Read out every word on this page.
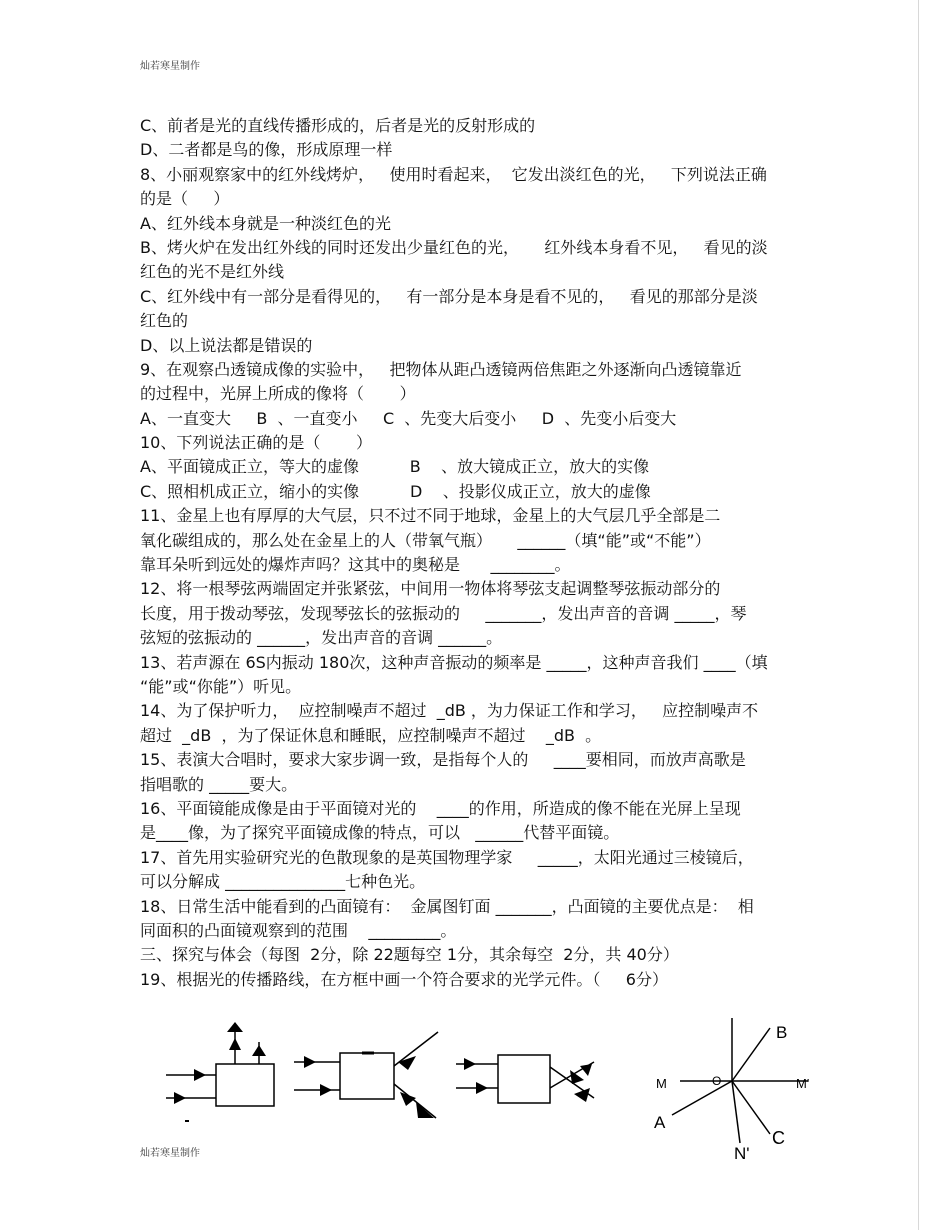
灿若寒星制作
C、前者是光的直线传播形成的，后者是光的反射形成的
D、二者都是鸟的像，形成原理一样
8、小丽观察家中的红外线烤炉，   使用时看起来，  它发出淡红色的光，   下列说法正确
的是（     ）
A、红外线本身就是一种淡红色的光
B、烤火炉在发出红外线的同时还发出少量红色的光，     红外线本身看不见，   看见的淡
红色的光不是红外线
C、红外线中有一部分是看得见的，   有一部分是本身是看不见的，   看见的那部分是淡
红色的
D、以上说法都是错误的
9、在观察凸透镜成像的实验中，   把物体从距凸透镜两倍焦距之外逐渐向凸透镜靠近
的过程中，光屏上所成的像将（       ）
A、一直变大     B  、一直变小     C  、先变大后变小     D  、先变小后变大
10、下列说法正确的是（       ）
A、平面镜成正立，等大的虚像          B    、放大镜成正立，放大的实像
C、照相机成正立，缩小的实像          D    、投影仪成正立，放大的虚像
11、金星上也有厚厚的大气层，只不过不同于地球，金星上的大气层几乎全部是二
氧化碳组成的，那么处在金星上的人（带氧气瓶）     ______（填“能”或“不能”）
靠耳朵听到远处的爆炸声吗？这其中的奥秘是      ________。
12、将一根琴弦两端固定并张紧弦，中间用一物体将琴弦支起调整琴弦振动部分的
长度，用于拨动琴弦，发现琴弦长的弦振动的     _______，发出声音的音调 _____，琴
弦短的弦振动的 ______，发出声音的音调 ______。
13、若声源在 6S内振动 180次，这种声音振动的频率是 _____，这种声音我们 ____（填
“能”或“你能”）听见。
14、为了保护听力，  应控制噪声不超过  _dB ，为力保证工作和学习，   应控制噪声不
超过  _dB  ，为了保证休息和睡眠，应控制噪声不超过    _dB  。
15、表演大合唱时，要求大家步调一致，是指每个人的     ____要相同，而放声高歌是
指唱歌的 _____要大。
16、平面镜能成像是由于平面镜对光的    ____的作用，所造成的像不能在光屏上呈现
是____像，为了探究平面镜成像的特点，可以   ______代替平面镜。
17、首先用实验研究光的色散现象的是英国物理学家     _____，太阳光通过三棱镜后，
可以分解成 _______________七种色光。
18、日常生活中能看到的凸面镜有：  金属图钉面 _______，凸面镜的主要优点是：  相
同面积的凸面镜观察到的范围    _________。
三、探究与体会（每图  2分，除 22题每空 1分，其余每空  2分，共 40分）
19、根据光的传播路线，在方框中画一个符合要求的光学元件。（     6分）
B
M	O	M'
A
C
N'
灿若寒星制作
